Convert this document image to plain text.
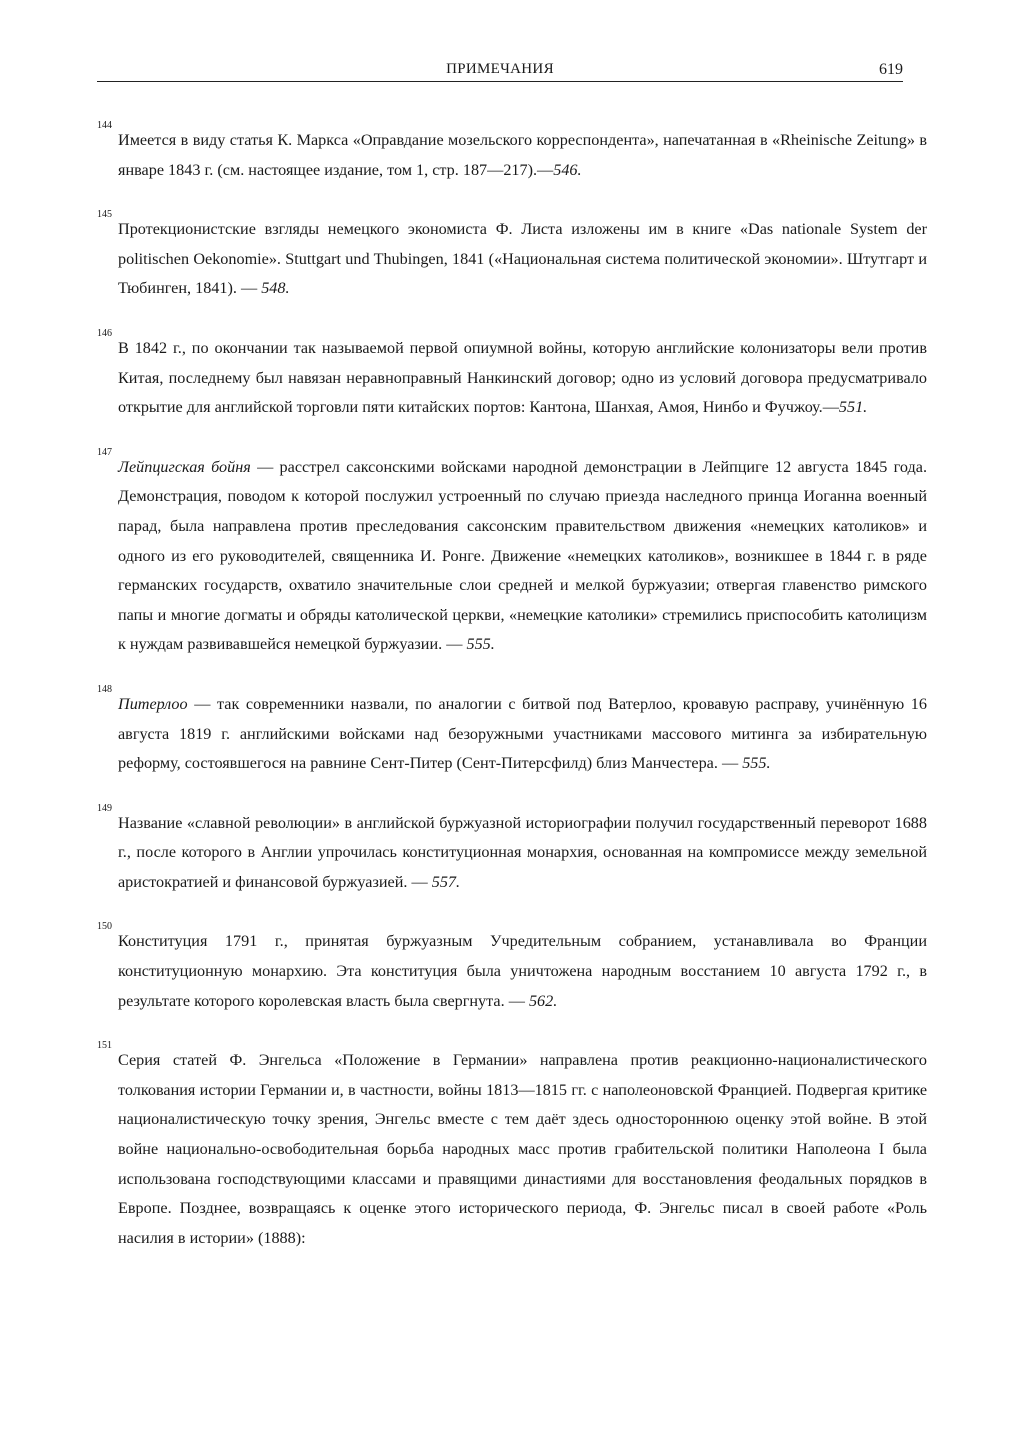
ПРИМЕЧАНИЯ	619
144
Имеется в виду статья К. Маркса «Оправдание мозельского корреспондента», напечатанная в «Rheinische Zeitung» в январе 1843 г. (см. настоящее издание, том 1, стр. 187—217).—546.
145
Протекционистские взгляды немецкого экономиста Ф. Листа изложены им в книге «Das nationale System der politischen Oekonomie». Stuttgart und Thubingen, 1841 («Национальная система политической экономии». Штутгарт и Тюбинген, 1841). — 548.
146
В 1842 г., по окончании так называемой первой опиумной войны, которую английские колонизаторы вели против Китая, последнему был навязан неравноправный Нанкинский договор; одно из условий договора предусматривало открытие для английской торговли пяти китайских портов: Кантона, Шанхая, Амоя, Нинбо и Фучжоу.—551.
147
Лейпцигская бойня — расстрел саксонскими войсками народной демонстрации в Лейпциге 12 августа 1845 года. Демонстрация, поводом к которой послужил устроенный по случаю приезда наследного принца Иоганна военный парад, была направлена против преследования саксонским правительством движения «немецких католиков» и одного из его руководителей, священника И. Ронге. Движение «немецких католиков», возникшее в 1844 г. в ряде германских государств, охватило значительные слои средней и мелкой буржуазии; отвергая главенство римского папы и многие догматы и обряды католической церкви, «немецкие католики» стремились приспособить католицизм к нуждам развивавшейся немецкой буржуазии. — 555.
148
Питерлоо — так современники назвали, по аналогии с битвой под Ватерлоо, кровавую расправу, учинённую 16 августа 1819 г. английскими войсками над безоружными участниками массового митинга за избирательную реформу, состоявшегося на равнине Сент-Питер (Сент-Питерсфилд) близ Манчестера. — 555.
149
Название «славной революции» в английской буржуазной историографии получил государственный переворот 1688 г., после которого в Англии упрочилась конституционная монархия, основанная на компромиссе между земельной аристократией и финансовой буржуазией. — 557.
150
Конституция 1791 г., принятая буржуазным Учредительным собранием, устанавливала во Франции конституционную монархию. Эта конституция была уничтожена народным восстанием 10 августа 1792 г., в результате которого королевская власть была свергнута. — 562.
151
Серия статей Ф. Энгельса «Положение в Германии» направлена против реакционно-националистического толкования истории Германии и, в частности, войны 1813—1815 гг. с наполеоновской Францией. Подвергая критике националистическую точку зрения, Энгельс вместе с тем даёт здесь одностороннюю оценку этой войне. В этой войне национально-освободительная борьба народных масс против грабительской политики Наполеона I была использована господствующими классами и правящими династиями для восстановления феодальных порядков в Европе. Позднее, возвращаясь к оценке этого исторического периода, Ф. Энгельс писал в своей работе «Роль насилия в истории» (1888):
